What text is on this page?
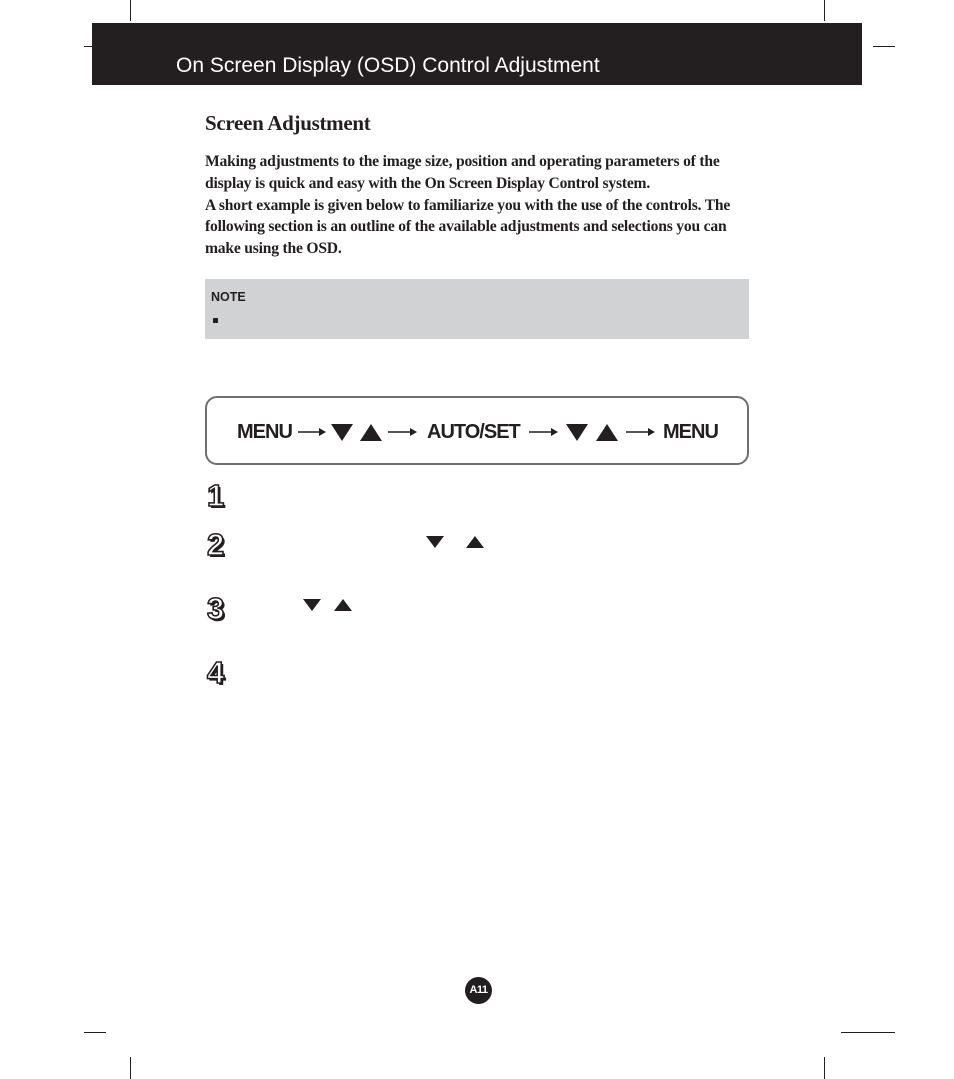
On Screen Display (OSD) Control Adjustment
Screen Adjustment

Making adjustments to the image size, position and operating parameters of the display is quick and easy with the On Screen Display Control system.

A short example is given below to familiarize you with the use of the controls. The following section is an outline of the available adjustments and selections you can make using the OSD.

NOTE
MENU	AUTO/SET	MENU
1
2
3
4
A11
